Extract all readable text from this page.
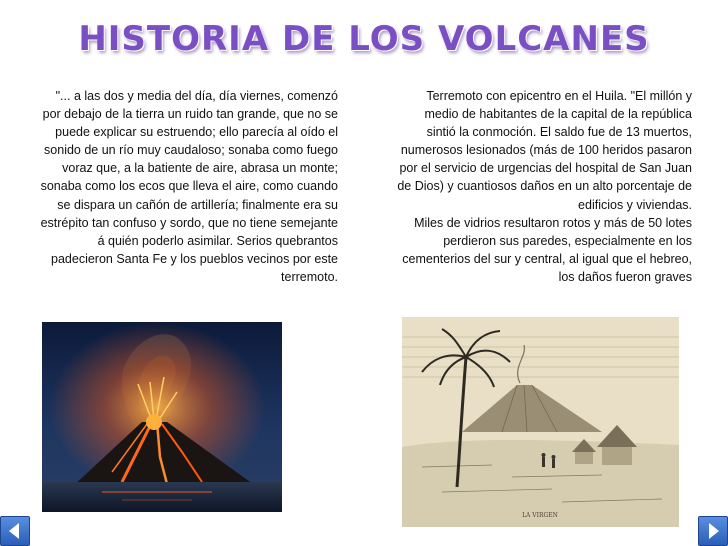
HISTORIA DE LOS VOLCANES

"... a las dos y media del día, día viernes, comenzó por debajo de la tierra un ruido tan grande, que no se puede explicar su estruendo; ello parecía al oído el sonido de un río muy caudaloso; sonaba como fuego voraz que, a la batiente de aire, abrasa un monte; sonaba como los ecos que lleva el aire, como cuando se dispara un cañón de artillería; finalmente era su estrépito tan confuso y sordo, que no tiene semejante á quién poderlo asimilar. Serios quebrantos padecieron Santa Fe y los pueblos vecinos por este terremoto.

Terremoto con epicentro en el Huila. "El millón y medio de habitantes de la capital de la república sintió la conmoción. El saldo fue de 13 muertos, numerosos lesionados (más de 100 heridos pasaron por el servicio de urgencias del hospital de San Juan de Dios) y cuantiosos daños en un alto porcentaje de edificios y viviendas.

Miles de vidrios resultaron rotos y más de 50 lotes perdieron sus paredes, especialmente en los cementerios del sur y central, al igual que el hebreo, los daños fueron graves

LA VIRGEN
